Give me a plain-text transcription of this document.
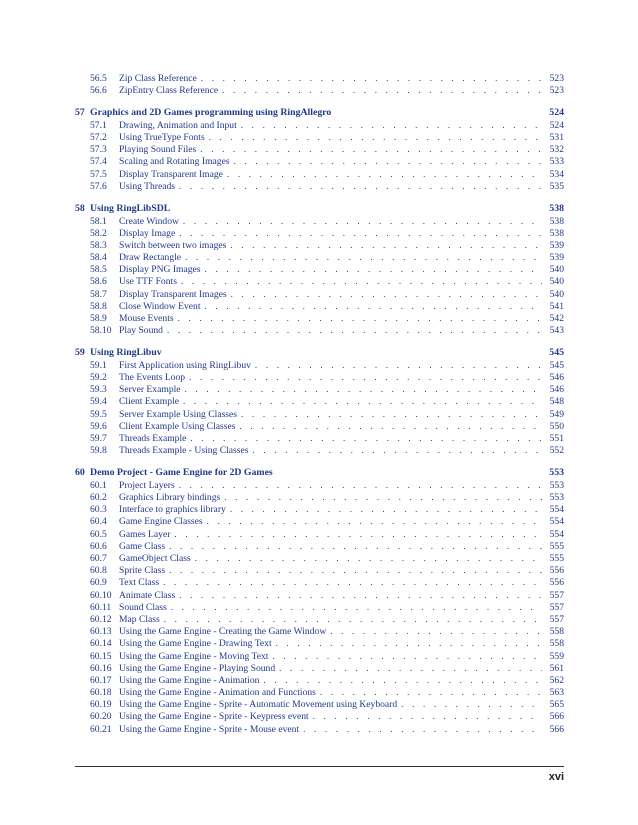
56.5	Zip Class Reference . . .	523
56.6	ZipEntry Class Reference . . .	523
57 Graphics and 2D Games programming using RingAllegro	524
57.1	Drawing, Animation and Input . . .	524
57.2	Using TrueType Fonts . . .	531
57.3	Playing Sound Files . . .	532
57.4	Scaling and Rotating Images . . .	533
57.5	Display Transparent Image . . .	534
57.6	Using Threads . . .	535
58 Using RingLibSDL	538
58.1	Create Window . . .	538
58.2	Display Image . . .	538
58.3	Switch between two images . . .	539
58.4	Draw Rectangle . . .	539
58.5	Display PNG Images . . .	540
58.6	Use TTF Fonts . . .	540
58.7	Display Transparent Images . . .	540
58.8	Close Window Event . . .	541
58.9	Mouse Events . . .	542
58.10 Play Sound . . .	543
59 Using RingLibuv	545
59.1	First Application using RingLibuv . . .	545
59.2	The Events Loop . . .	546
59.3	Server Example . . .	546
59.4	Client Example . . .	548
59.5	Server Example Using Classes . . .	549
59.6	Client Example Using Classes . . .	550
59.7	Threads Example . . .	551
59.8	Threads Example - Using Classes . . .	552
60 Demo Project - Game Engine for 2D Games	553
60.1	Project Layers . . .	553
60.2	Graphics Library bindings . . .	553
60.3	Interface to graphics library . . .	554
60.4	Game Engine Classes . . .	554
60.5	Games Layer . . .	554
60.6	Game Class . . .	555
60.7	GameObject Class . . .	555
60.8	Sprite Class . . .	556
60.9	Text Class . . .	556
60.10 Animate Class . . .	557
60.11 Sound Class . . .	557
60.12 Map Class . . .	557
60.13 Using the Game Engine - Creating the Game Window . . .	558
60.14 Using the Game Engine - Drawing Text . . .	558
60.15 Using the Game Engine - Moving Text . . .	559
60.16 Using the Game Engine - Playing Sound . . .	561
60.17 Using the Game Engine - Animation . . .	562
60.18 Using the Game Engine - Animation and Functions . . .	563
60.19 Using the Game Engine - Sprite - Automatic Movement using Keyboard . . .	565
60.20 Using the Game Engine - Sprite - Keypress event . . .	566
60.21 Using the Game Engine - Sprite - Mouse event . . .	566
xvi
